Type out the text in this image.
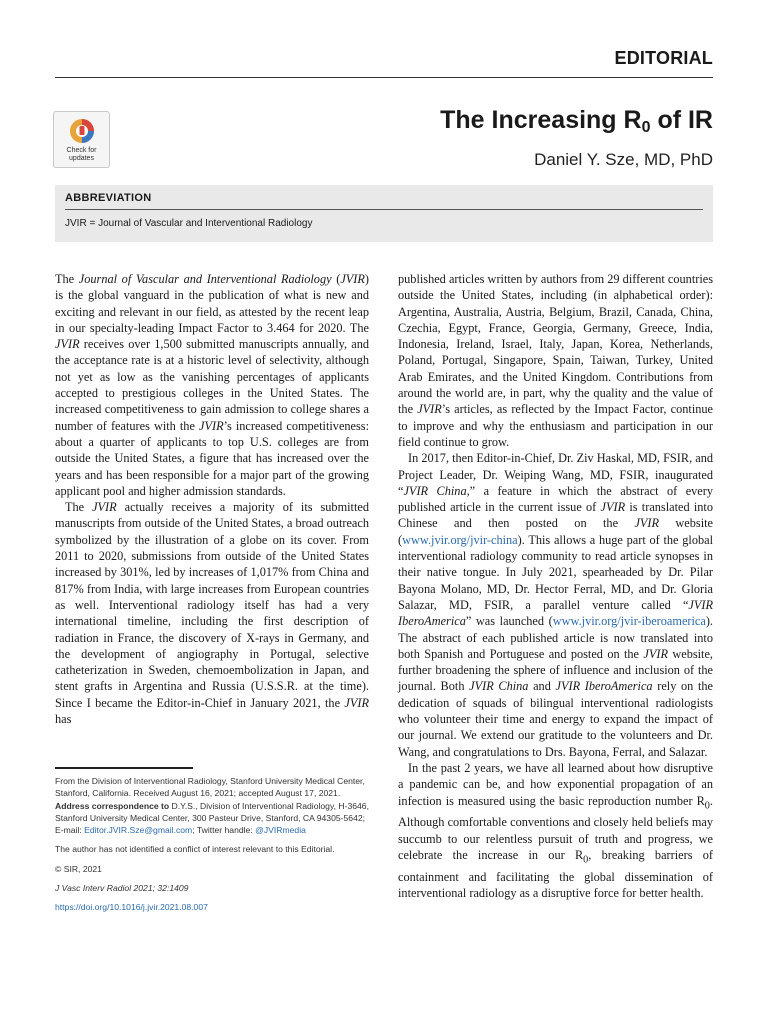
EDITORIAL
The Increasing $R_0$ of IR
Daniel Y. Sze, MD, PhD
Check for
updates
ABBREVIATION
JVIR = Journal of Vascular and Interventional Radiology

The Journal of Vascular and Interventional Radiology (JVIR) is the global vanguard in the publication of what is new and exciting and relevant in our field, as attested by the recent leap in our specialty-leading Impact Factor to 3.464 for 2020. The JVIR receives over 1,500 submitted manuscripts annually, and the acceptance rate is at a historic level of selectivity, although not yet as low as the vanishing percentages of applicants accepted to prestigious colleges in the United States. The increased competitiveness to gain admission to college shares a number of features with the JVIR’s increased competitiveness: about a quarter of applicants to top U.S. colleges are from outside the United States, a figure that has increased over the years and has been responsible for a major part of the growing applicant pool and higher admission standards.

The JVIR actually receives a majority of its submitted manuscripts from outside of the United States, a broad outreach symbolized by the illustration of a globe on its cover. From 2011 to 2020, submissions from outside of the United States increased by 301%, led by increases of 1,017% from China and 817% from India, with large increases from European countries as well. Interventional radiology itself has had a very international timeline, including the first description of radiation in France, the discovery of X-rays in Germany, and the development of angiography in Portugal, selective catheterization in Sweden, chemoembolization in Japan, and stent grafts in Argentina and Russia (U.S.S.R. at the time). Since I became the Editor-in-Chief in January 2021, the JVIR has

From the Division of Interventional Radiology, Stanford University Medical Center, Stanford, California. Received August 16, 2021; accepted August 17, 2021. Address correspondence to D.Y.S., Division of Interventional Radiology, H-3646, Stanford University Medical Center, 300 Pasteur Drive, Stanford, CA 94305-5642; E-mail: Editor.JVIR.Sze@gmail.com; Twitter handle: @JVIRmedia
The author has not identified a conflict of interest relevant to this Editorial.
© SIR, 2021
J Vasc Interv Radiol 2021; 32:1409
https://doi.org/10.1016/j.jvir.2021.08.007

published articles written by authors from 29 different countries outside the United States, including (in alphabetical order): Argentina, Australia, Austria, Belgium, Brazil, Canada, China, Czechia, Egypt, France, Georgia, Germany, Greece, India, Indonesia, Ireland, Israel, Italy, Japan, Korea, Netherlands, Poland, Portugal, Singapore, Spain, Taiwan, Turkey, United Arab Emirates, and the United Kingdom. Contributions from around the world are, in part, why the quality and the value of the JVIR’s articles, as reflected by the Impact Factor, continue to improve and why the enthusiasm and participation in our field continue to grow.

In 2017, then Editor-in-Chief, Dr. Ziv Haskal, MD, FSIR, and Project Leader, Dr. Weiping Wang, MD, FSIR, inaugurated “JVIR China,” a feature in which the abstract of every published article in the current issue of JVIR is translated into Chinese and then posted on the JVIR website (www.jvir.org/jvir-china). This allows a huge part of the global interventional radiology community to read article synopses in their native tongue. In July 2021, spearheaded by Dr. Pilar Bayona Molano, MD, Dr. Hector Ferral, MD, and Dr. Gloria Salazar, MD, FSIR, a parallel venture called “JVIR IberoAmerica” was launched (www.jvir.org/jvir-iberoamerica). The abstract of each published article is now translated into both Spanish and Portuguese and posted on the JVIR website, further broadening the sphere of influence and inclusion of the journal. Both JVIR China and JVIR IberoAmerica rely on the dedication of squads of bilingual interventional radiologists who volunteer their time and energy to expand the impact of our journal. We extend our gratitude to the volunteers and Dr. Wang, and congratulations to Drs. Bayona, Ferral, and Salazar.

In the past 2 years, we have all learned about how disruptive a pandemic can be, and how exponential propagation of an infection is measured using the basic reproduction number $R_0$. Although comfortable conventions and closely held beliefs may succumb to our relentless pursuit of truth and progress, we celebrate the increase in our $R_0$, breaking barriers of containment and facilitating the global dissemination of interventional radiology as a disruptive force for better health.
